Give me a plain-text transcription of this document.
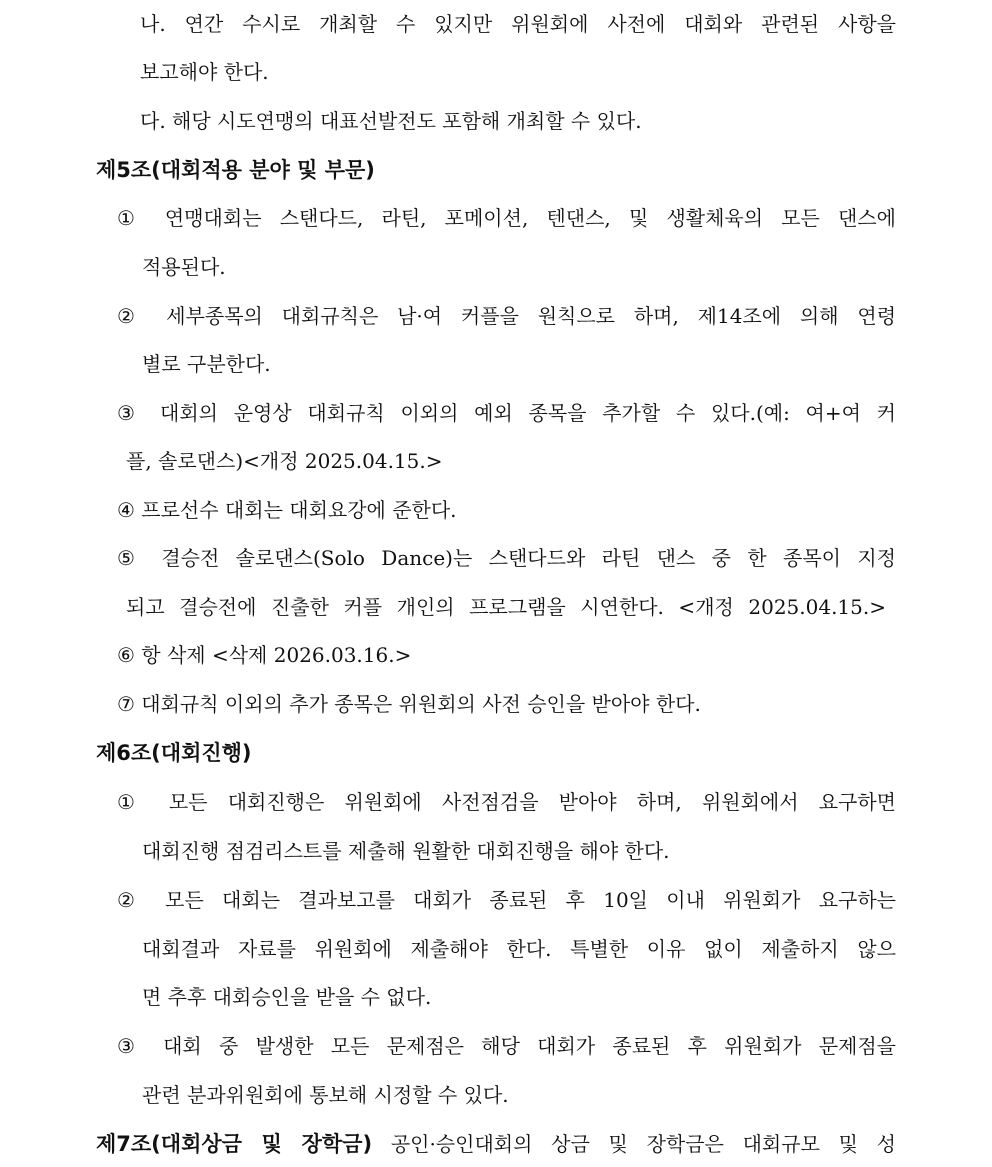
나. 연간 수시로 개최할 수 있지만 위원회에 사전에 대회와 관련된 사항을
보고해야 한다.
다. 해당 시도연맹의 대표선발전도 포함해 개최할 수 있다.
제5조(대회적용 분야 및 부문)
① 연맹대회는 스탠다드, 라틴, 포메이션, 텐댄스, 및 생활체육의 모든 댄스에
적용된다.
② 세부종목의 대회규칙은 남·여 커플을 원칙으로 하며, 제14조에 의해 연령
별로 구분한다.
③ 대회의 운영상 대회규칙 이외의 예외 종목을 추가할 수 있다.(예: 여+여 커
플, 솔로댄스)<개정 2025.04.15.>
④ 프로선수 대회는 대회요강에 준한다.
⑤ 결승전 솔로댄스(Solo Dance)는 스탠다드와 라틴 댄스 중 한 종목이 지정
되고 결승전에 진출한 커플 개인의 프로그램을 시연한다. <개정 2025.04.15.>
⑥ 항 삭제 <삭제 2026.03.16.>
⑦ 대회규칙 이외의 추가 종목은 위원회의 사전 승인을 받아야 한다.
제6조(대회진행)
① 모든 대회진행은 위원회에 사전점검을 받아야 하며, 위원회에서 요구하면
대회진행 점검리스트를 제출해 원활한 대회진행을 해야 한다.
② 모든 대회는 결과보고를 대회가 종료된 후 10일 이내 위원회가 요구하는
대회결과 자료를 위원회에 제출해야 한다. 특별한 이유 없이 제출하지 않으
면 추후 대회승인을 받을 수 없다.
③ 대회 중 발생한 모든 문제점은 해당 대회가 종료된 후 위원회가 문제점을
관련 분과위원회에 통보해 시정할 수 있다.
제7조(대회상금 및 장학금) 공인·승인대회의 상금 및 장학금은 대회규모 및 성
